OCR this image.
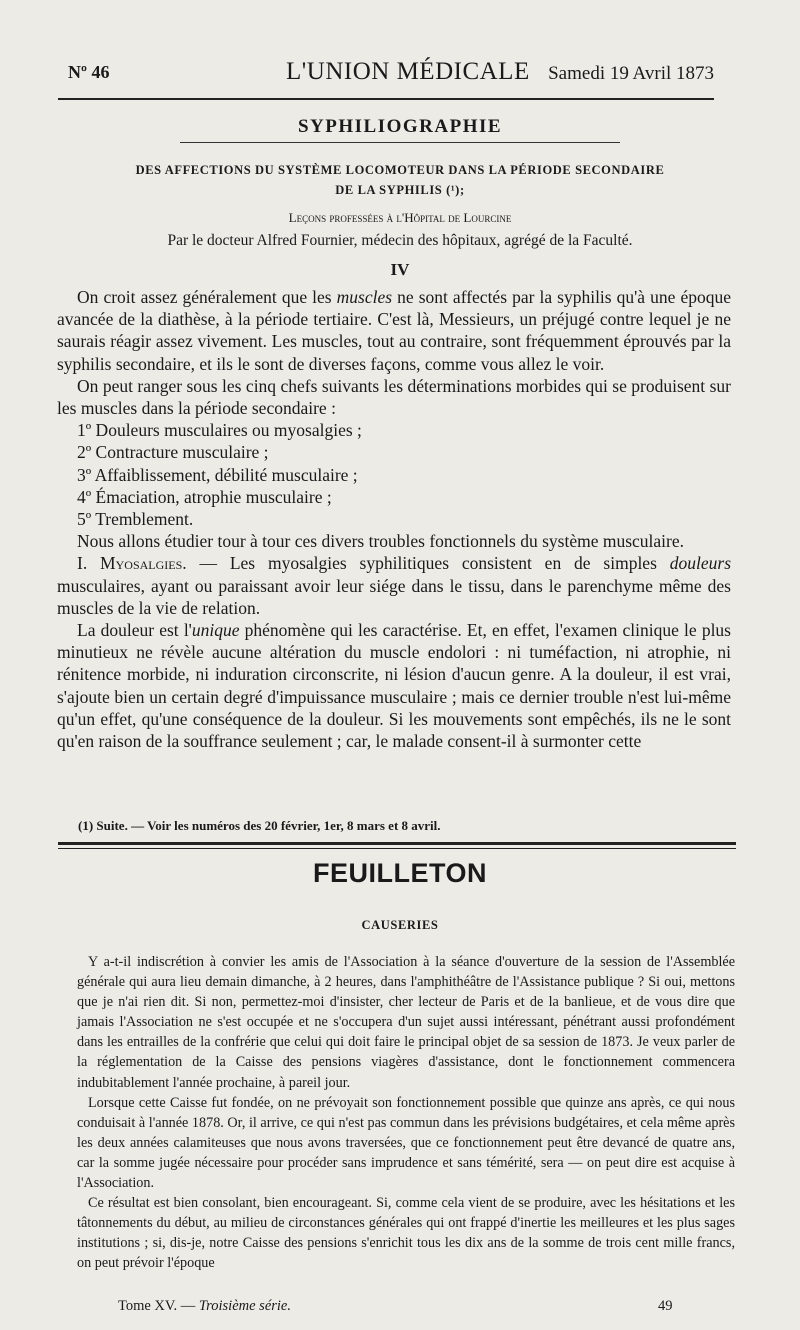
Nº 46	L'UNION MÉDICALE Samedi 19 Avril 1873
SYPHILIOGRAPHIE
DES AFFECTIONS DU SYSTÈME LOCOMOTEUR DANS LA PÉRIODE SECONDAIRE
DE LA SYPHILIS (¹);
Leçons professées à l'Hôpital de Lourcine
Par le docteur Alfred Fournier, médecin des hôpitaux, agrégé de la Faculté.
IV

On croit assez généralement que les muscles ne sont affectés par la syphilis qu'à une époque avancée de la diathèse, à la période tertiaire. C'est là, Messieurs, un préjugé contre lequel je ne saurais réagir assez vivement. Les muscles, tout au contraire, sont fréquemment éprouvés par la syphilis secondaire, et ils le sont de diverses façons, comme vous allez le voir.

On peut ranger sous les cinq chefs suivants les déterminations morbides qui se produisent sur les muscles dans la période secondaire :

1º Douleurs musculaires ou myosalgies ;

2º Contracture musculaire ;

3º Affaiblissement, débilité musculaire ;

4º Émaciation, atrophie musculaire ;

5º Tremblement.

Nous allons étudier tour à tour ces divers troubles fonctionnels du système musculaire.

I. Myosalgies. — Les myosalgies syphilitiques consistent en de simples douleurs musculaires, ayant ou paraissant avoir leur siége dans le tissu, dans le parenchyme même des muscles de la vie de relation.

La douleur est l'unique phénomène qui les caractérise. Et, en effet, l'examen clinique le plus minutieux ne révèle aucune altération du muscle endolori : ni tuméfaction, ni atrophie, ni rénitence morbide, ni induration circonscrite, ni lésion d'aucun genre. A la douleur, il est vrai, s'ajoute bien un certain degré d'impuissance musculaire ; mais ce dernier trouble n'est lui-même qu'un effet, qu'une conséquence de la douleur. Si les mouvements sont empêchés, ils ne le sont qu'en raison de la souffrance seulement ; car, le malade consent-il à surmonter cette

(1) Suite. — Voir les numéros des 20 février, 1er, 8 mars et 8 avril.
FEUILLETON
CAUSERIES

Y a-t-il indiscrétion à convier les amis de l'Association à la séance d'ouverture de la session de l'Assemblée générale qui aura lieu demain dimanche, à 2 heures, dans l'amphithéâtre de l'Assistance publique ? Si oui, mettons que je n'ai rien dit. Si non, permettez-moi d'insister, cher lecteur de Paris et de la banlieue, et de vous dire que jamais l'Association ne s'est occupée et ne s'occupera d'un sujet aussi intéressant, pénétrant aussi profondément dans les entrailles de la confrérie que celui qui doit faire le principal objet de sa session de 1873. Je veux parler de la réglementation de la Caisse des pensions viagères d'assistance, dont le fonctionnement commencera indubitablement l'année prochaine, à pareil jour.

Lorsque cette Caisse fut fondée, on ne prévoyait son fonctionnement possible que quinze ans après, ce qui nous conduisait à l'année 1878. Or, il arrive, ce qui n'est pas commun dans les prévisions budgétaires, et cela même après les deux années calamiteuses que nous avons traversées, que ce fonctionnement peut être devancé de quatre ans, car la somme jugée nécessaire pour procéder sans imprudence et sans témérité, sera — on peut dire est acquise à l'Association.

Ce résultat est bien consolant, bien encourageant. Si, comme cela vient de se produire, avec les hésitations et les tâtonnements du début, au milieu de circonstances générales qui ont frappé d'inertie les meilleures et les plus sages institutions ; si, dis-je, notre Caisse des pensions s'enrichit tous les dix ans de la somme de trois cent mille francs, on peut prévoir l'époque

Tome XV. — Troisième série.	49
